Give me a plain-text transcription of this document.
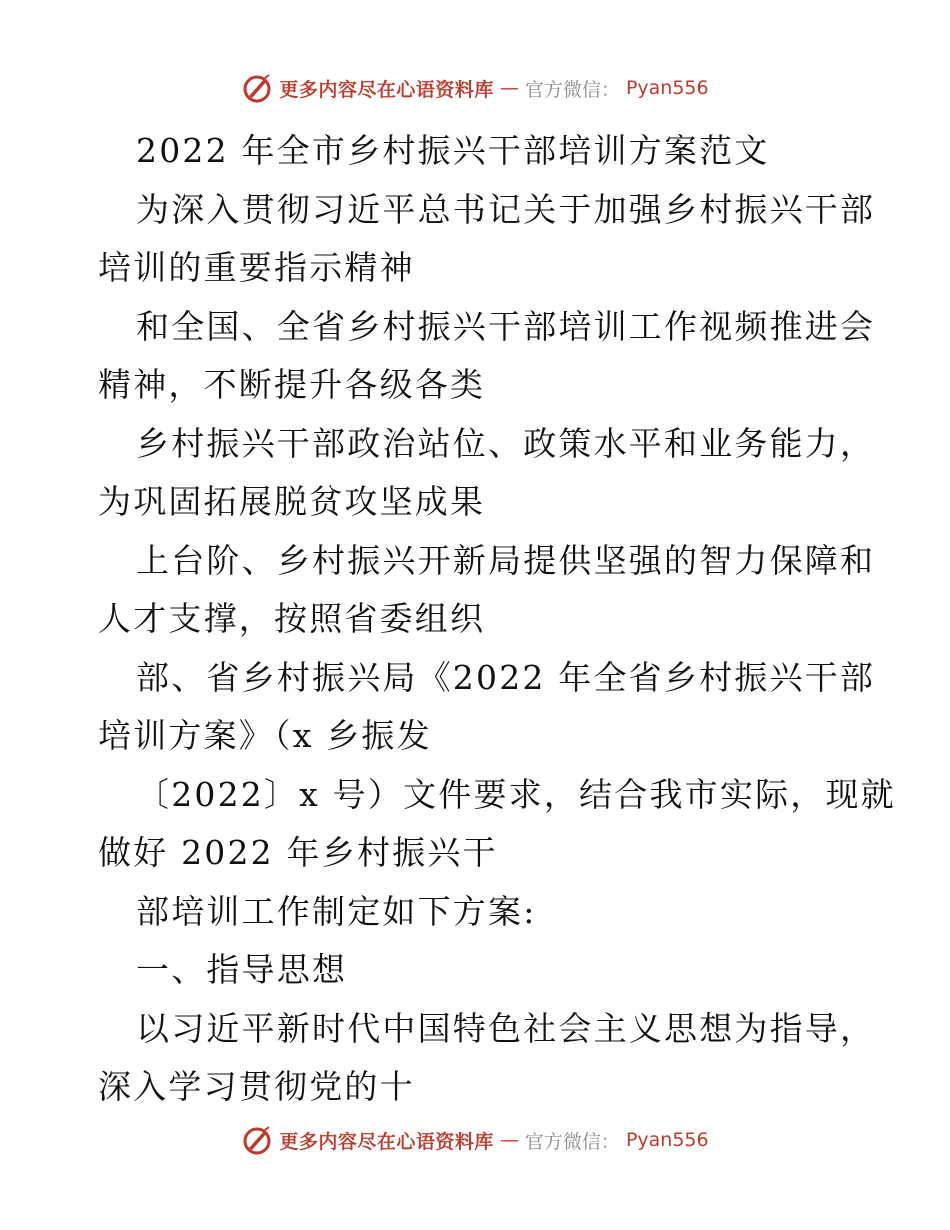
更多内容尽在心语资料库 — 官方微信： Pyan556
2022 年全市乡村振兴干部培训方案范文
为深入贯彻习近平总书记关于加强乡村振兴干部
培训的重要指示精神
和全国、全省乡村振兴干部培训工作视频推进会
精神，不断提升各级各类
乡村振兴干部政治站位、政策水平和业务能力，
为巩固拓展脱贫攻坚成果
上台阶、乡村振兴开新局提供坚强的智力保障和
人才支撑，按照省委组织
部、省乡村振兴局《2022 年全省乡村振兴干部
培训方案》（x 乡振发
〔2022〕x 号）文件要求，结合我市实际，现就
做好 2022 年乡村振兴干
部培训工作制定如下方案:
一、指导思想
以习近平新时代中国特色社会主义思想为指导，
深入学习贯彻党的十
更多内容尽在心语资料库 — 官方微信： Pyan556
